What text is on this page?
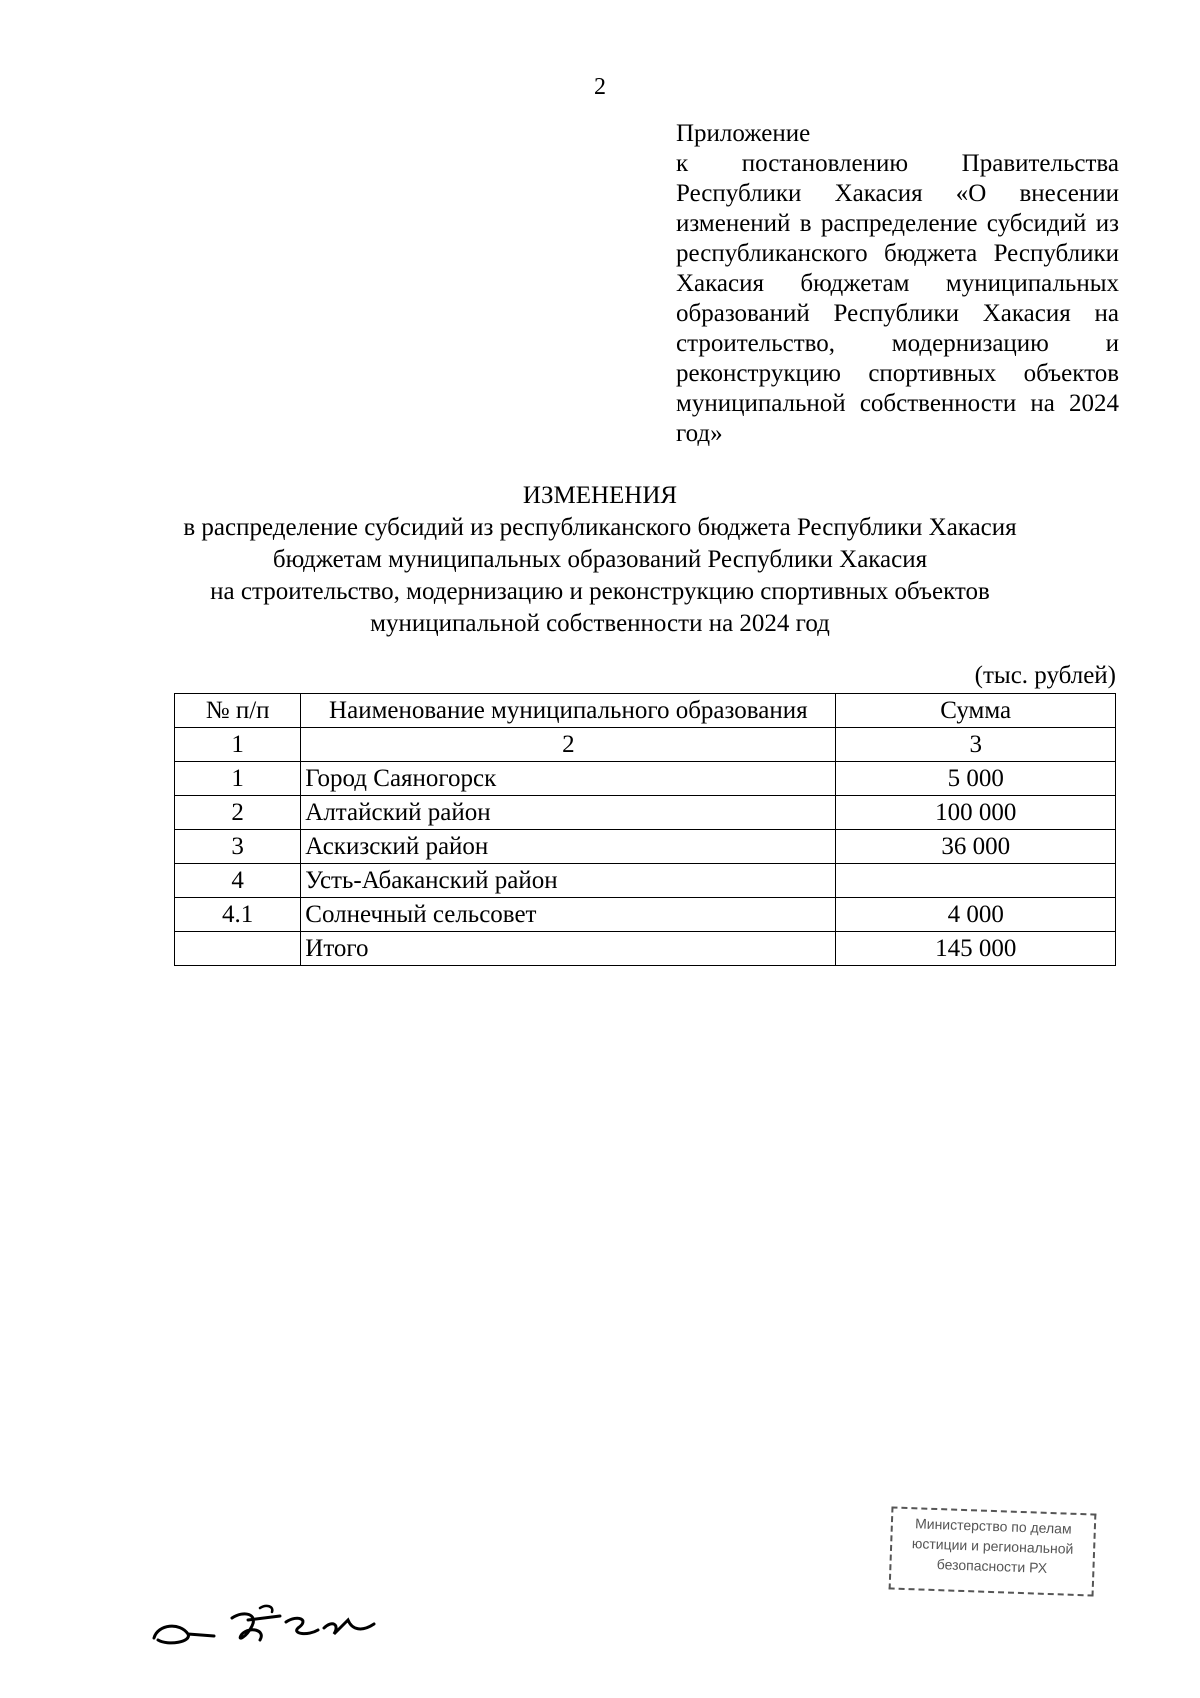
2
Приложение
к постановлению Правительства Республики Хакасия «О внесении изменений в распределение субсидий из республиканского бюджета Республики Хакасия бюджетам муниципальных образований Республики Хакасия на строительство, модернизацию и реконструкцию спортивных объектов муниципальной собственности на 2024 год»
ИЗМЕНЕНИЯ
в распределение субсидий из республиканского бюджета Республики Хакасия
бюджетам муниципальных образований Республики Хакасия
на строительство, модернизацию и реконструкцию спортивных объектов
муниципальной собственности на 2024 год
(тыс. рублей)
№ п/п	Наименование муниципального образования	Сумма
1	2	3
1	Город Саяногорск	5 000
2	Алтайский район	100 000
3	Аскизский район	36 000
4	Усть-Абаканский район	
4.1	Солнечный сельсовет	4 000
	Итого	145 000
Министерство по делам
юстиции и региональной
безопасности РХ
